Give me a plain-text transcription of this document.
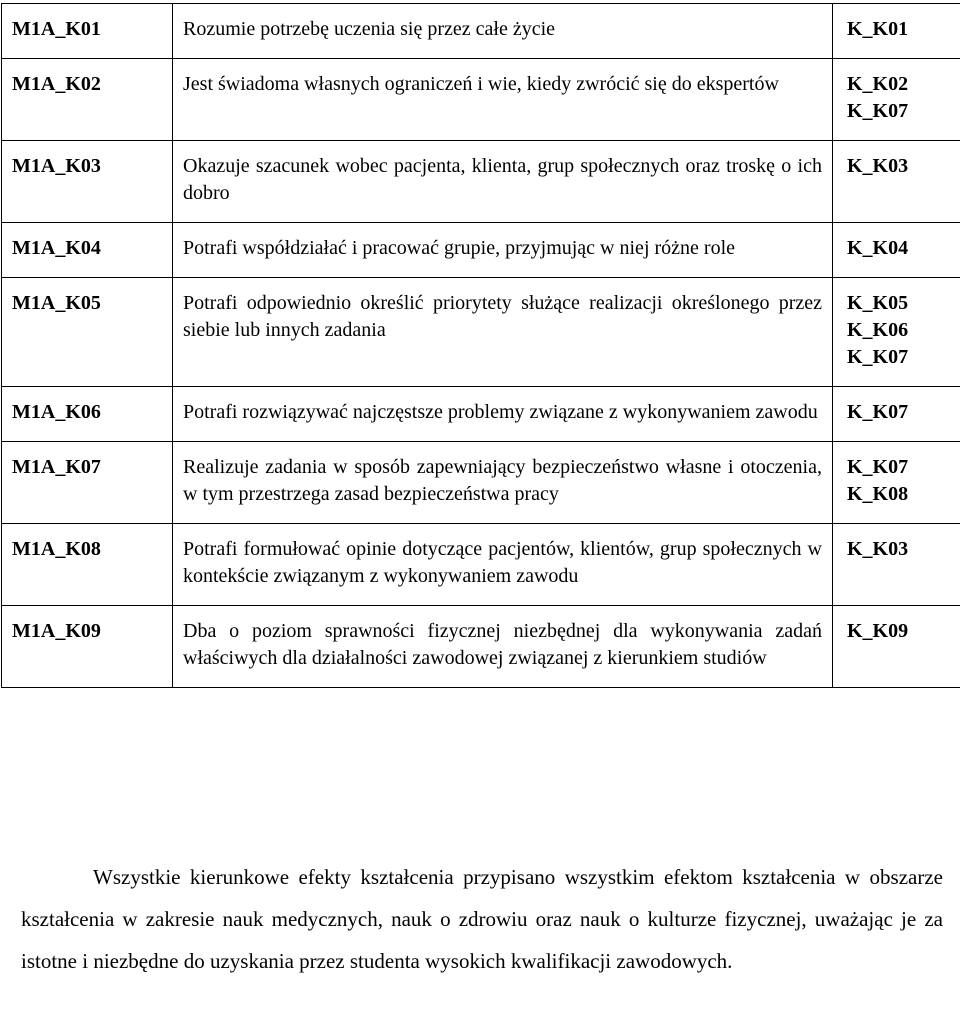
M1A_K01	Rozumie potrzebę uczenia się przez całe życie	K_K01

M1A_K02	Jest świadoma własnych ograniczeń i wie, kiedy zwrócić się do ekspertów	K_K02
K_K07

M1A_K03	Okazuje szacunek wobec pacjenta, klienta, grup społecznych oraz troskę o ich dobro	K_K03

M1A_K04	Potrafi współdziałać i pracować grupie, przyjmując w niej różne role	K_K04

M1A_K05	Potrafi odpowiednio określić priorytety służące realizacji określonego przez siebie lub innych zadania	K_K05
K_K06
K_K07

M1A_K06	Potrafi rozwiązywać najczęstsze problemy związane z wykonywaniem zawodu	K_K07

M1A_K07	Realizuje zadania w sposób zapewniający bezpieczeństwo własne i otoczenia, w tym przestrzega zasad bezpieczeństwa pracy	K_K07
K_K08

M1A_K08	Potrafi formułować opinie dotyczące pacjentów, klientów, grup społecznych w kontekście związanym z wykonywaniem zawodu	K_K03

M1A_K09	Dba o poziom sprawności fizycznej niezbędnej dla wykonywania zadań właściwych dla działalności zawodowej związanej z kierunkiem studiów	K_K09

Wszystkie kierunkowe efekty kształcenia przypisano wszystkim efektom kształcenia w obszarze kształcenia w zakresie nauk medycznych, nauk o zdrowiu oraz nauk o kulturze fizycznej, uważając je za istotne i niezbędne do uzyskania przez studenta wysokich kwalifikacji zawodowych.
